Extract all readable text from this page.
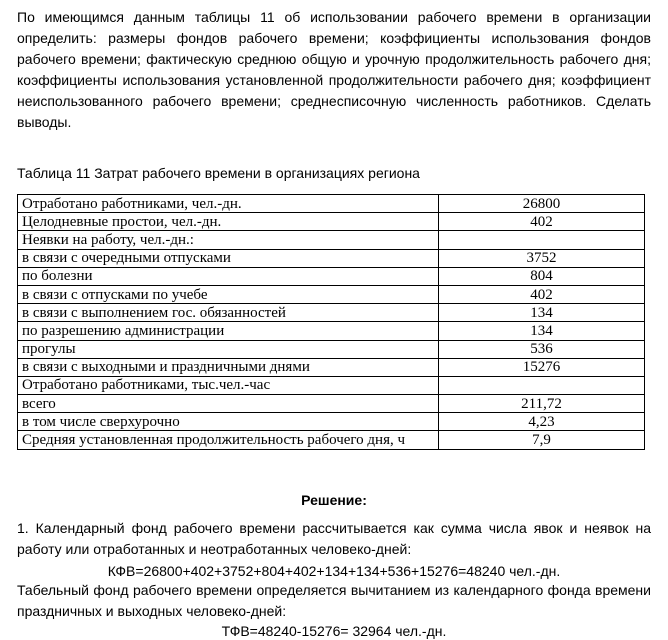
По имеющимся данным таблицы 11 об использовании рабочего времени в организации определить: размеры фондов рабочего времени; коэффициенты использования фондов рабочего времени; фактическую среднюю общую и урочную продолжительность рабочего дня; коэффициенты использования установленной продолжительности рабочего дня; коэффициент неиспользованного рабочего времени; среднесписочную численность работников. Сделать выводы.

Таблица 11 Затрат рабочего времени в организациях региона

Отработано работниками, чел.-дн.	26800
Целодневные простои, чел.-дн.	402
Неявки на работу, чел.-дн.:	
в связи с очередными отпусками	3752
по болезни	804
в связи с отпусками по учебе	402
в связи с выполнением гос. обязанностей	134
по разрешению администрации	134
прогулы	536
в связи с выходными и праздничными днями	15276
Отработано работниками, тыс.чел.-час	
всего	211,72
в том числе сверхурочно	4,23
Средняя установленная продолжительность рабочего дня, ч	7,9

Решение:

1. Календарный фонд рабочего времени рассчитывается как сумма числа явок и неявок на работу или отработанных и неотработанных человеко-дней:

КФВ=26800+402+3752+804+402+134+134+536+15276=48240 чел.-дн.

Табельный фонд рабочего времени определяется вычитанием из календарного фонда времени праздничных и выходных человеко-дней:

ТФВ=48240-15276= 32964 чел.-дн.
